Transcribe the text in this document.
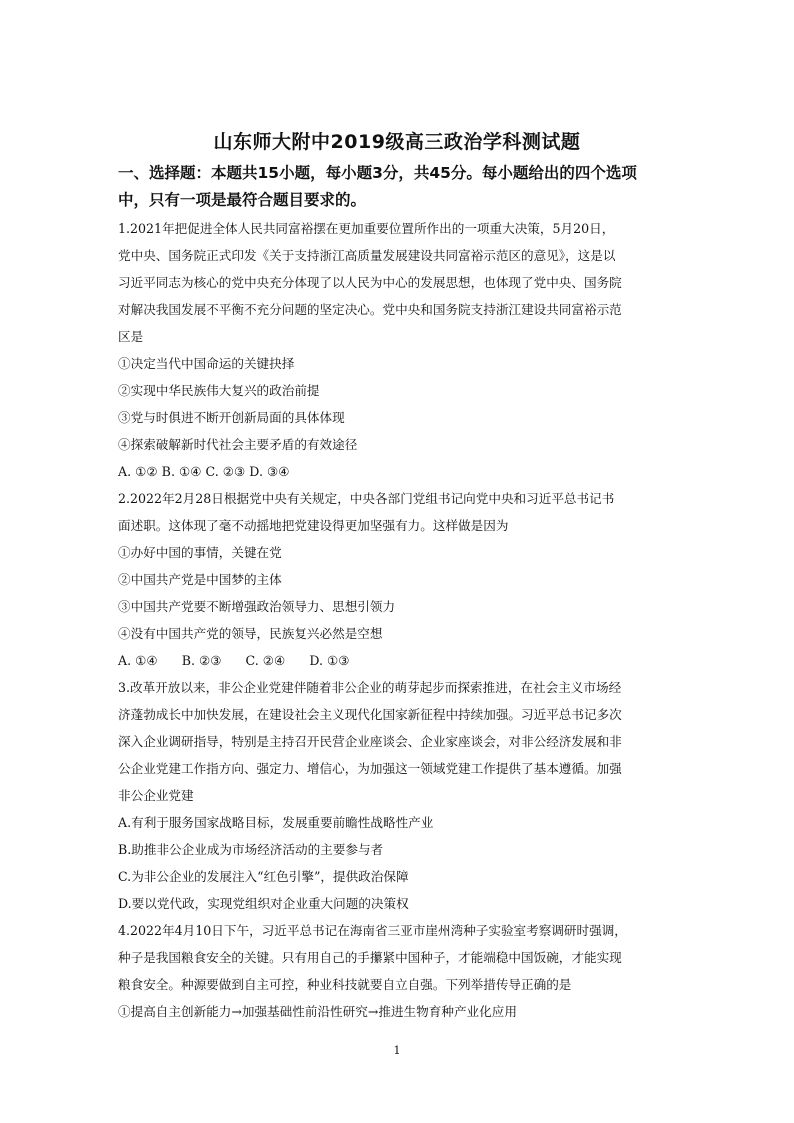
山东师大附中2019级高三政治学科测试题

一、选择题：本题共15小题，每小题3分，共45分。每小题给出的四个选项

中，只有一项是最符合题目要求的。

1.2021年把促进全体人民共同富裕摆在更加重要位置所作出的一项重大决策，5月20日，

党中央、国务院正式印发《关于支持浙江高质量发展建设共同富裕示范区的意见》，这是以

习近平同志为核心的党中央充分体现了以人民为中心的发展思想，也体现了党中央、国务院

对解决我国发展不平衡不充分问题的坚定决心。党中央和国务院支持浙江建设共同富裕示范

区是

①决定当代中国命运的关键抉择

②实现中华民族伟大复兴的政治前提

③党与时俱进不断开创新局面的具体体现

④探索破解新时代社会主要矛盾的有效途径

A. ①② B. ①④ C. ②③ D. ③④

2.2022年2月28日根据党中央有关规定，中央各部门党组书记向党中央和习近平总书记书

面述职。这体现了毫不动摇地把党建设得更加坚强有力。这样做是因为

①办好中国的事情，关键在党

②中国共产党是中国梦的主体

③中国共产党要不断增强政治领导力、思想引领力

④没有中国共产党的领导，民族复兴必然是空想

A. ①④      B. ②③      C. ②④      D. ①③

3.改革开放以来，非公企业党建伴随着非公企业的萌芽起步而探索推进，在社会主义市场经

济蓬勃成长中加快发展，在建设社会主义现代化国家新征程中持续加强。习近平总书记多次

深入企业调研指导，特别是主持召开民营企业座谈会、企业家座谈会，对非公经济发展和非

公企业党建工作指方向、强定力、增信心，为加强这一领域党建工作提供了基本遵循。加强

非公企业党建

A.有利于服务国家战略目标，发展重要前瞻性战略性产业

B.助推非公企业成为市场经济活动的主要参与者

C.为非公企业的发展注入“红色引擎”，提供政治保障

D.要以党代政，实现党组织对企业重大问题的决策权

4.2022年4月10日下午，习近平总书记在海南省三亚市崖州湾种子实验室考察调研时强调，

种子是我国粮食安全的关键。只有用自己的手攥紧中国种子，才能端稳中国饭碗，才能实现

粮食安全。种源要做到自主可控，种业科技就要自立自强。下列举措传导正确的是

①提高自主创新能力→加强基础性前沿性研究→推进生物育种产业化应用

1
